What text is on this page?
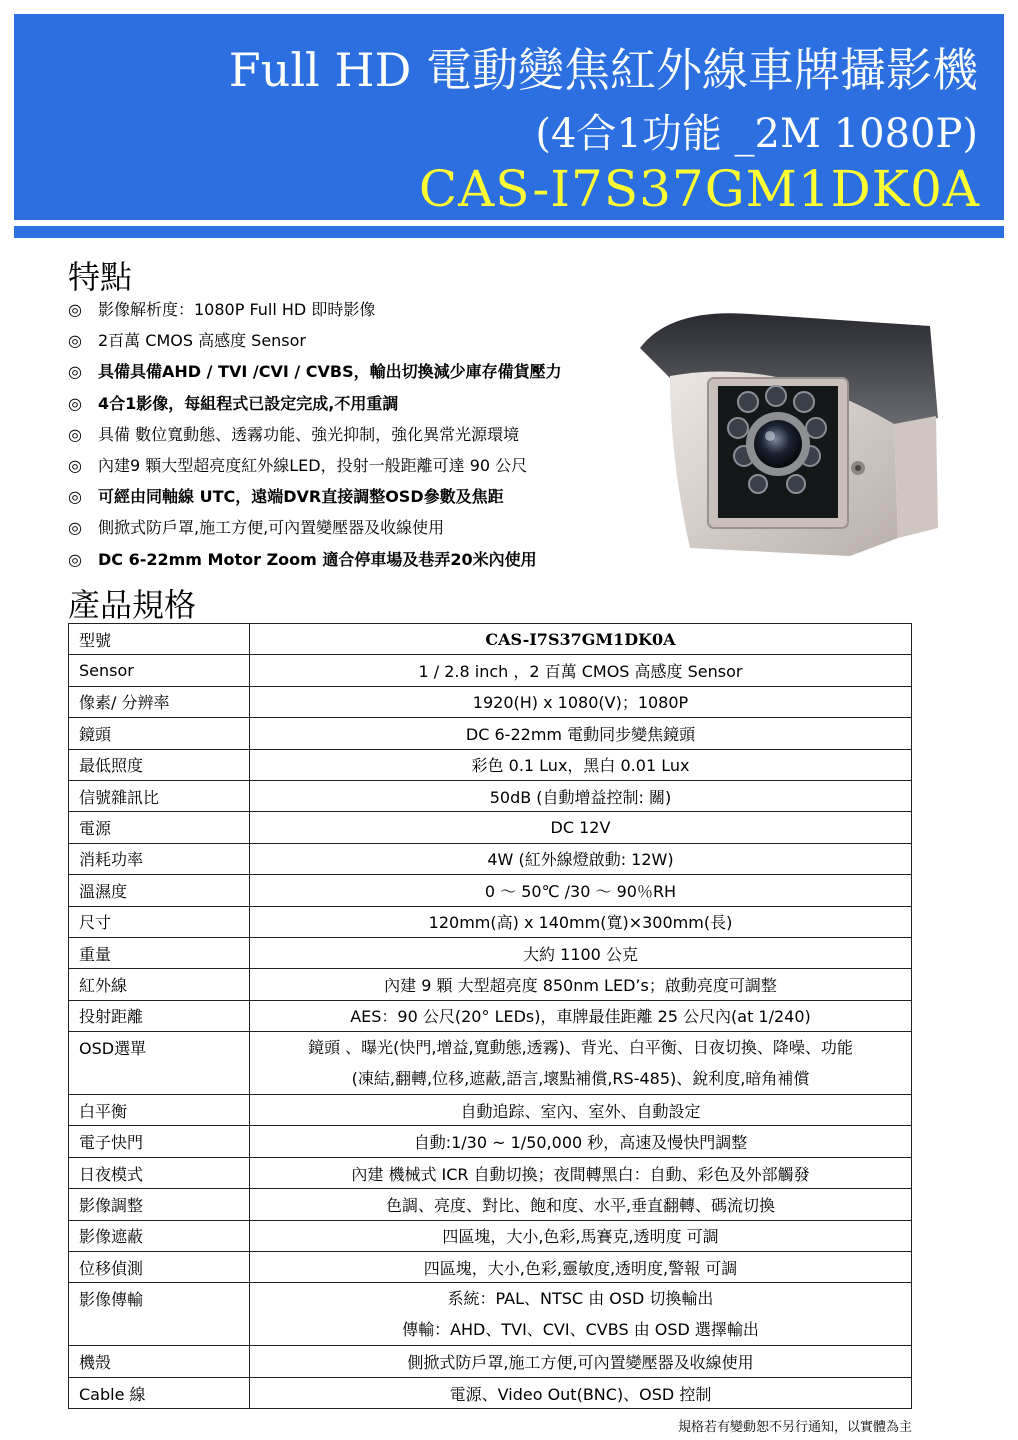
Full HD 電動變焦紅外線車牌攝影機
(4合1功能 _2M 1080P)
CAS-I7S37GM1DK0A
特點
◎ 影像解析度：1080P Full HD 即時影像
◎ 2百萬 CMOS 高感度 Sensor
◎ 具備具備AHD / TVI /CVI / CVBS，輸出切換減少庫存備貨壓力
◎ 4合1影像，每組程式已設定完成,不用重調
◎ 具備 數位寬動態、透霧功能、強光抑制，強化異常光源環境
◎ 內建9 顆大型超亮度紅外線LED，投射一般距離可達 90 公尺
◎ 可經由同軸線 UTC，遠端DVR直接調整OSD參數及焦距
◎ 側掀式防戶罩,施工方便,可內置變壓器及收線使用
◎ DC 6-22mm Motor Zoom 適合停車場及巷弄20米內使用
產品規格
型號	CAS-I7S37GM1DK0A
Sensor	1 / 2.8 inch ，2 百萬 CMOS 高感度 Sensor
像素/ 分辨率	1920(H) x 1080(V)；1080P
鏡頭	DC 6-22mm 電動同步變焦鏡頭
最低照度	彩色 0.1 Lux，黑白 0.01 Lux
信號雜訊比	50dB (自動增益控制: 關)
電源	DC 12V
消耗功率	4W (紅外線燈啟動: 12W)
溫濕度	0 ～ 50℃ /30 ～ 90％RH
尺寸	120mm(高) x 140mm(寬)×300mm(長)
重量	大約 1100 公克
紅外線	內建 9 顆 大型超亮度 850nm LED’s；啟動亮度可調整
投射距離	AES：90 公尺(20° LEDs)，車牌最佳距離 25 公尺內(at 1/240)
OSD選單	鏡頭 、曝光(快門,增益,寬動態,透霧)、背光、白平衡、日夜切換、降噪、功能
(凍結,翻轉,位移,遮蔽,語言,壞點補償,RS-485)、銳利度,暗角補償

白平衡	自動追踪、室內、室外、自動設定
電子快門	自動:1/30 ~ 1/50,000 秒，高速及慢快門調整
日夜模式	內建 機械式 ICR 自動切換；夜間轉黑白：自動、彩色及外部觸發
影像調整	色調、亮度、對比、飽和度、水平,垂直翻轉、碼流切換
影像遮蔽	四區塊，大小,色彩,馬賽克,透明度 可調
位移偵測	四區塊，大小,色彩,靈敏度,透明度,警報 可調
影像傳輸	系統：PAL、NTSC 由 OSD 切換輸出
傳輸：AHD、TVI、CVI、CVBS 由 OSD 選擇輸出

機殼	側掀式防戶罩,施工方便,可內置變壓器及收線使用
Cable 線	電源、Video Out(BNC)、OSD 控制
規格若有變動恕不另行通知，以實體為主
